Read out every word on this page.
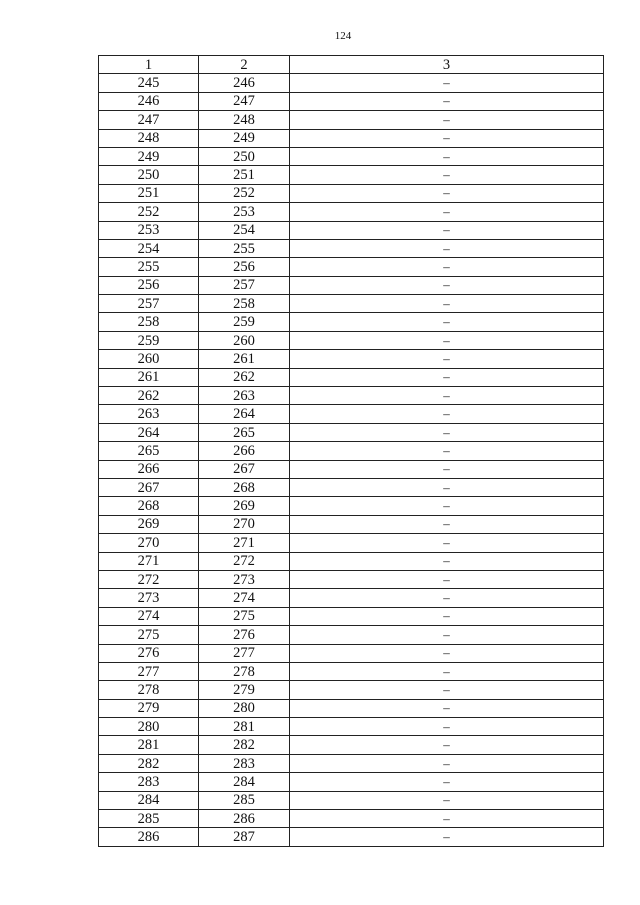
124
1	2	3
245	246	–
246	247	–
247	248	–
248	249	–
249	250	–
250	251	–
251	252	–
252	253	–
253	254	–
254	255	–
255	256	–
256	257	–
257	258	–
258	259	–
259	260	–
260	261	–
261	262	–
262	263	–
263	264	–
264	265	–
265	266	–
266	267	–
267	268	–
268	269	–
269	270	–
270	271	–
271	272	–
272	273	–
273	274	–
274	275	–
275	276	–
276	277	–
277	278	–
278	279	–
279	280	–
280	281	–
281	282	–
282	283	–
283	284	–
284	285	–
285	286	–
286	287	–
